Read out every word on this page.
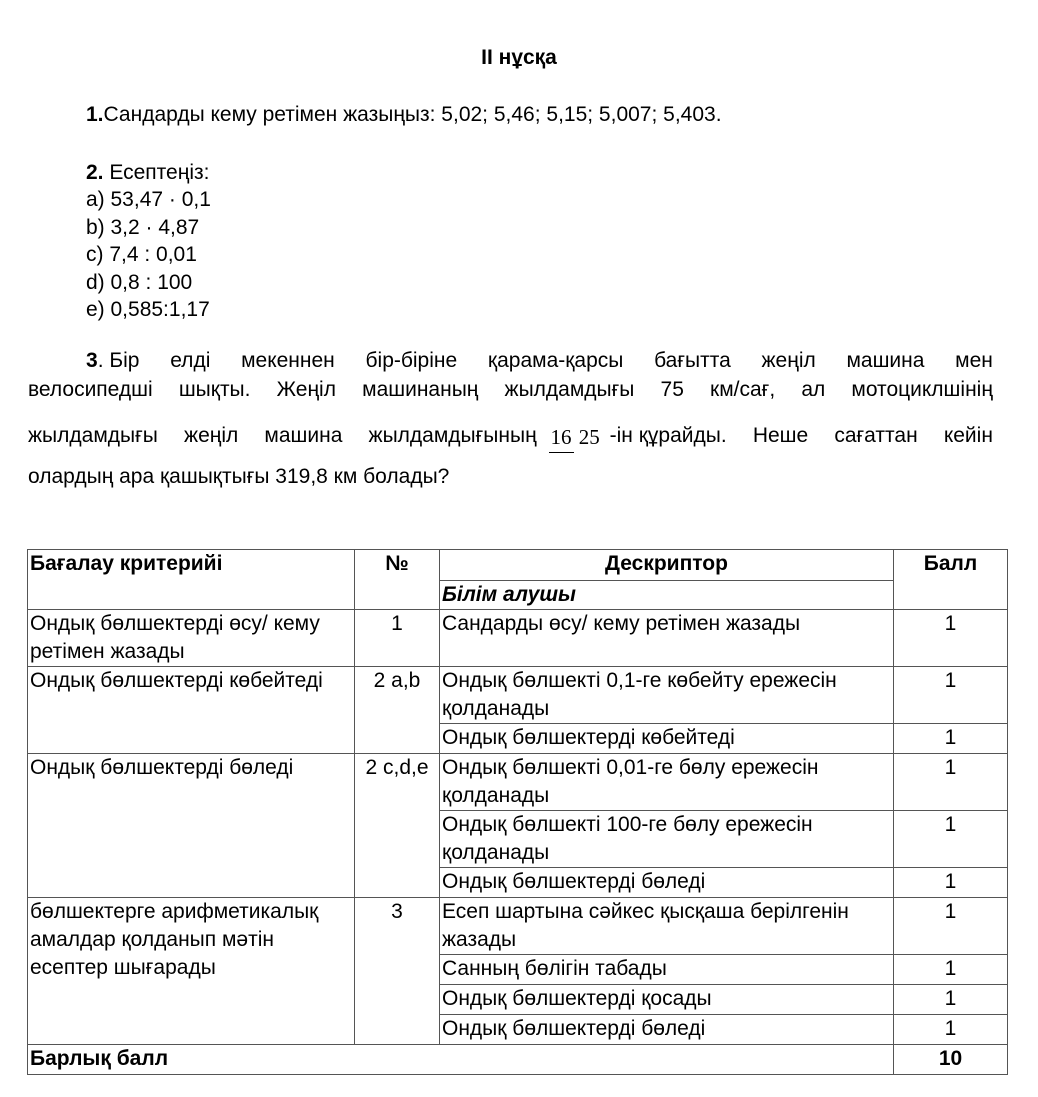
II нұсқа
1.Сандарды кему ретімен жазыңыз: 5,02; 5,46; 5,15; 5,007; 5,403.
2. Есептеңіз:
a) 53,47 · 0,1
b) 3,2 · 4,87
c) 7,4 : 0,01
d) 0,8 : 100
e) 0,585:1,17
3. Бір елді мекеннен бір-біріне қарама-қарсы бағытта жеңіл машина мен
велосипедші шықты. Жеңіл машинаның жылдамдығы 75 км/сағ, ал мотоциклшінің
жылдамдығы жеңіл машина жылдамдығының 16 25 -ін құрайды. Неше сағаттан кейін
олардың ара қашықтығы 319,8 км болады?
Бағалау критерийі	№	Дескриптор	Балл
		Білім алушы	
Ондық бөлшектерді өсу/ кему ретімен жазады	1	Сандарды өсу/ кему ретімен жазады	1
Ондық бөлшектерді көбейтеді	2 a,b	Ондық бөлшекті 0,1-ге көбейту ережесін қолданады	1
		Ондық бөлшектерді көбейтеді	1
Ондық бөлшектерді бөледі	2 c,d,e	Ондық бөлшекті 0,01-ге бөлу ережесін қолданады	1
		Ондық бөлшекті 100-ге бөлу ережесін қолданады	1
		Ондық бөлшектерді бөледі	1
бөлшектерге арифметикалық амалдар қолданып мәтін есептер шығарады	3	Есеп шартына сәйкес қысқаша берілгенін жазады	1
		Санның бөлігін табады	1
		Ондық бөлшектерді қосады	1
		Ондық бөлшектерді бөледі	1
Барлық балл			10
